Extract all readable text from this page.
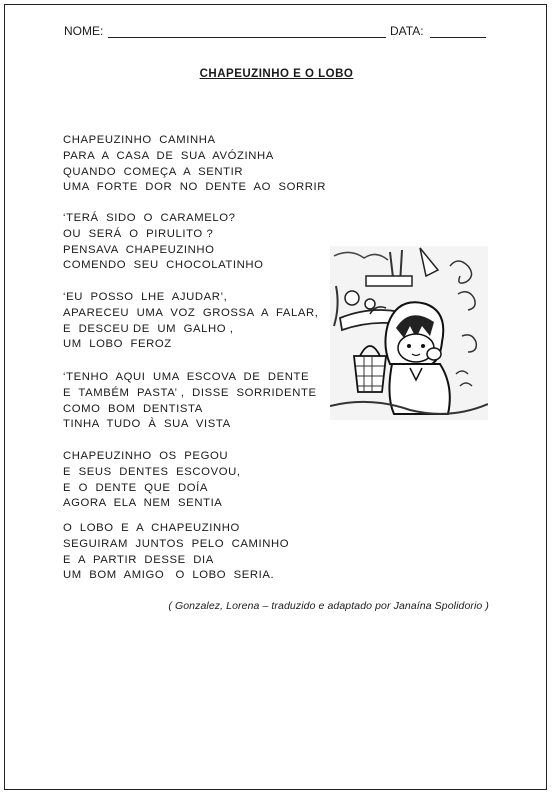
NOME:	DATA:
CHAPEUZINHO E O LOBO
CHAPEUZINHO  CAMINHA
PARA  A  CASA  DE  SUA  AVÓZINHA
QUANDO  COMEÇA  A  SENTIR
UMA  FORTE  DOR  NO  DENTE  AO  SORRIR
‘TERÁ  SIDO  O  CARAMELO?
OU  SERÁ  O  PIRULITO ?
PENSAVA  CHAPEUZINHO
COMENDO  SEU  CHOCOLATINHO
‘EU  POSSO  LHE  AJUDAR’,
APARECEU  UMA  VOZ  GROSSA  A  FALAR,
E  DESCEU DE  UM  GALHO ,
UM  LOBO  FEROZ
‘TENHO  AQUI  UMA  ESCOVA  DE  DENTE
E  TAMBÉM  PASTA’ ,  DISSE  SORRIDENTE
COMO  BOM  DENTISTA
TINHA  TUDO  À  SUA  VISTA
CHAPEUZINHO  OS  PEGOU
E  SEUS  DENTES  ESCOVOU,
E  O  DENTE  QUE  DOÍA
AGORA  ELA  NEM  SENTIA
O  LOBO  E  A  CHAPEUZINHO
SEGUIRAM  JUNTOS  PELO  CAMINHO
E  A  PARTIR  DESSE  DIA
UM  BOM  AMIGO   O  LOBO  SERIA.
( Gonzalez, Lorena – traduzido e adaptado por Janaína Spolidorio )
